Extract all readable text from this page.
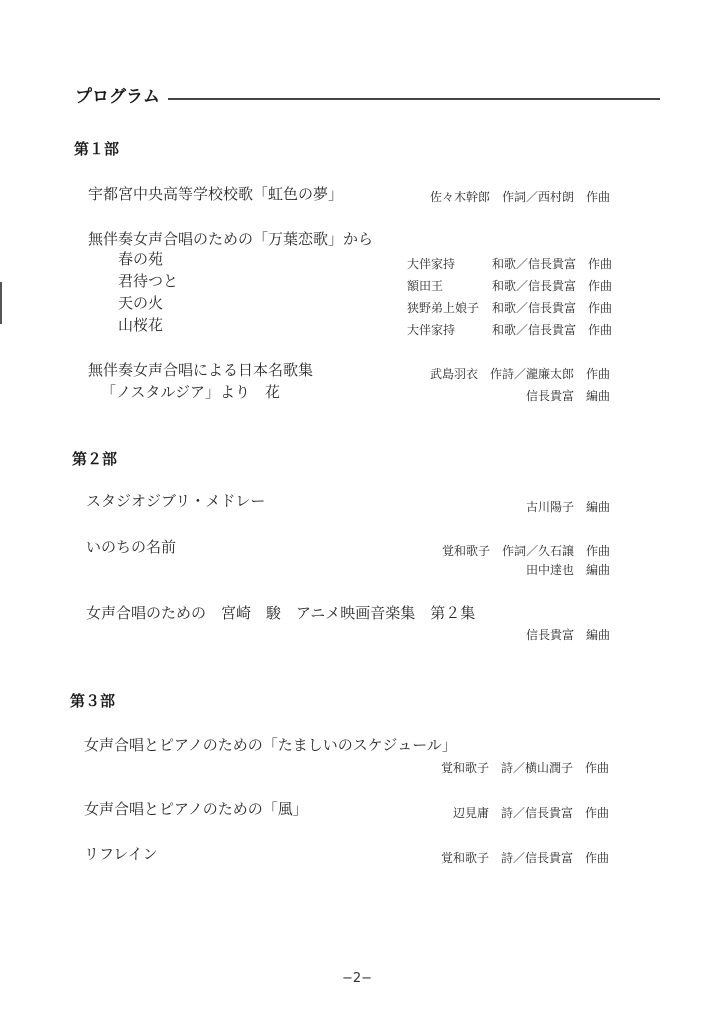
プログラム
第１部
宇都宮中央高等学校校歌「虹色の夢」	佐々木幹郎　作詞／西村朗　作曲
無伴奏女声合唱のための「万葉恋歌」から
春の苑	大伴家持	和歌／信長貴富　作曲
君待つと	額田王	和歌／信長貴富　作曲
天の火	狭野弟上娘子 和歌／信長貴富　作曲
山桜花	大伴家持	和歌／信長貴富　作曲
無伴奏女声合唱による日本名歌集	武島羽衣　作詩／瀧廉太郎　作曲
「ノスタルジア」より　花	信長貴富　編曲
第２部
スタジオジブリ・メドレー	古川陽子　編曲
いのちの名前	覚和歌子　作詞／久石譲　作曲
田中達也　編曲
女声合唱のための　宮崎　駿　アニメ映画音楽集　第２集
信長貴富　編曲
第３部
女声合唱とピアノのための「たましいのスケジュール」
覚和歌子　詩／横山潤子　作曲
女声合唱とピアノのための「風」	辺見庸　詩／信長貴富　作曲
リフレイン	覚和歌子　詩／信長貴富　作曲
−2−
